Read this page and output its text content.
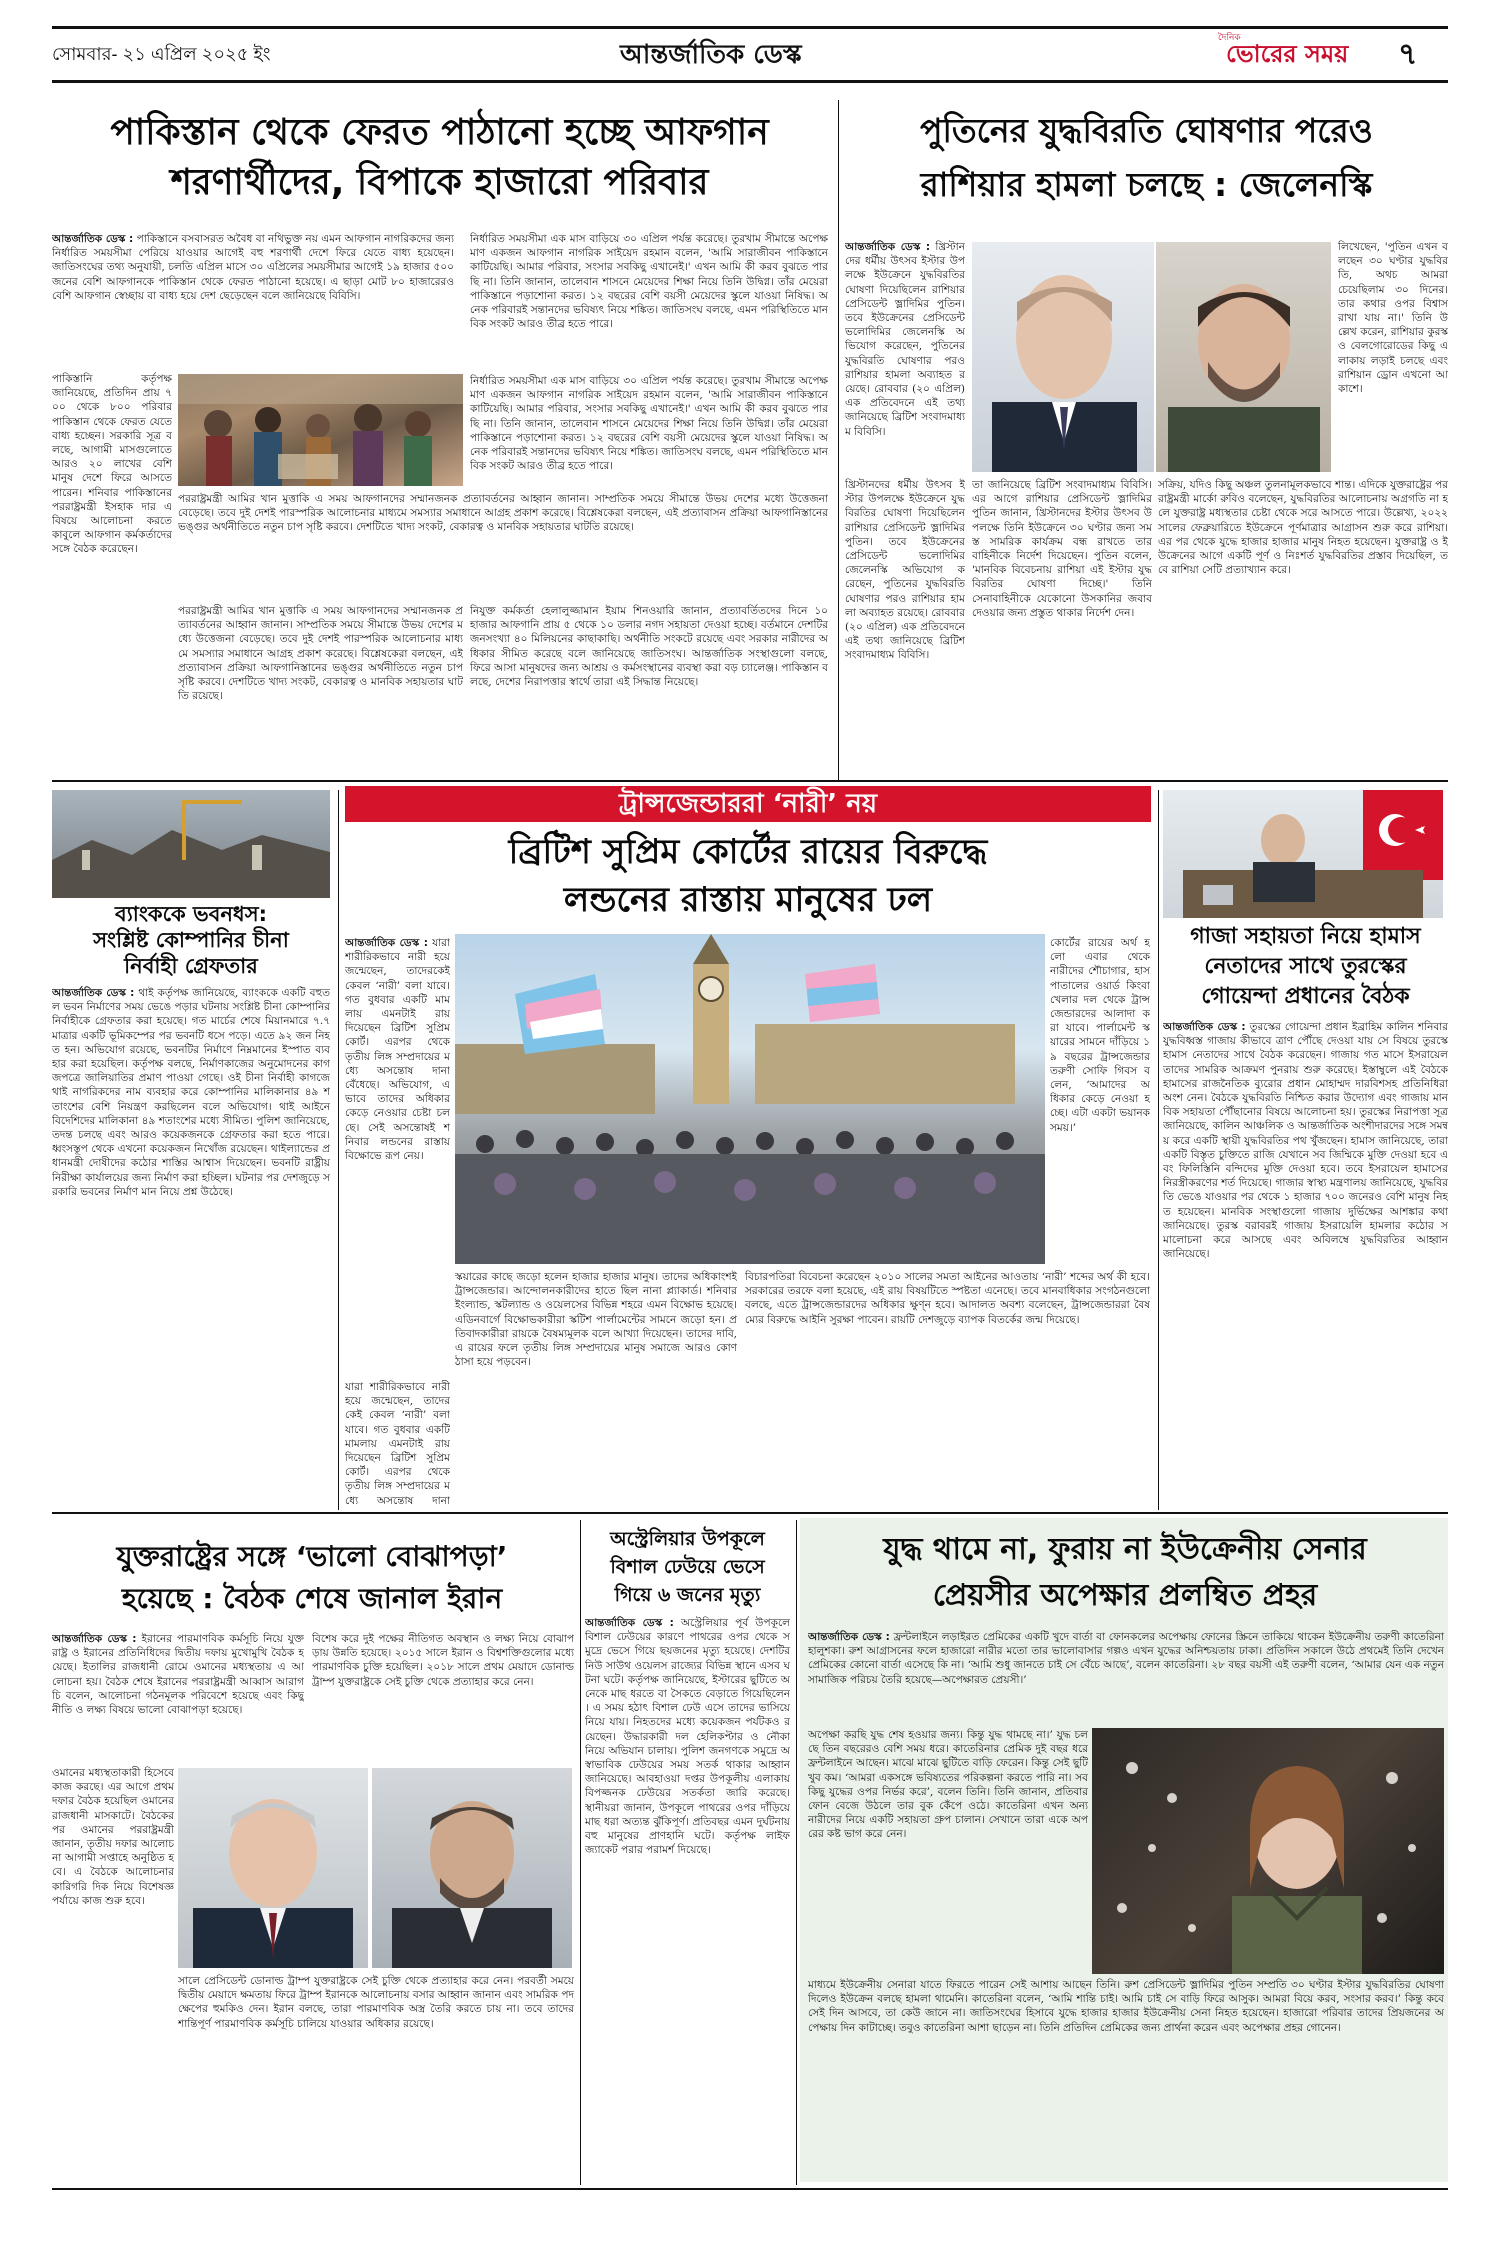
সোমবার- ২১ এপ্রিল ২০২৫ ইং	আন্তর্জাতিক ডেস্ক
দৈনিক
ভোরের সময় ৭
পাকিস্তান থেকে ফেরত পাঠানো হচ্ছে আফগান
শরণার্থীদের, বিপাকে হাজারো পরিবার
আন্তর্জাতিক ডেস্ক : পাকিস্তানে বসবাসরত অবৈধ বা নথিভুক্ত নয় এমন আফগান নাগরিকদের জন্য নির্ধারিত সময়সীমা পেরিয়ে যাওয়ার আগেই বহু শরণার্থী দেশে ফিরে যেতে বাধ্য হয়েছেন। জাতিসংঘের তথ্য অনুযায়ী, চলতি এপ্রিল মাসে ৩০ এপ্রিলের সময়সীমার আগেই ১৯ হাজার ৫০০ জনের বেশি আফগানকে পাকিস্তান থেকে ফেরত পাঠানো হয়েছে। এ ছাড়া মোট ৮০ হাজারেরও বেশি আফগান স্বেচ্ছায় বা বাধ্য হয়ে দেশ ছেড়েছেন বলে জানিয়েছে বিবিসি।
পাকিস্তানি কর্তৃপক্ষ জানিয়েছে, প্রতিদিন প্রায় ৭০০ থেকে ৮০০ পরিবার পাকিস্তান থেকে ফেরত যেতে বাধ্য হচ্ছেন। সরকারি সূত্র বলছে, আগামী মাসগুলোতে আরও ২০ লাখের বেশি মানুষ দেশে ফিরে আসতে পারেন। শনিবার পাকিস্তানের পররাষ্ট্রমন্ত্রী ইসহাক দার এ বিষয়ে আলোচনা করতে কাবুলে আফগান কর্মকর্তাদের সঙ্গে বৈঠক করেছেন।
নির্ধারিত সময়সীমা এক মাস বাড়িয়ে ৩০ এপ্রিল পর্যন্ত করেছে। তুরখাম সীমান্তে অপেক্ষমাণ একজন আফগান নাগরিক সাইয়েদ রহমান বলেন, 'আমি সারাজীবন পাকিস্তানে কাটিয়েছি। আমার পরিবার, সংসার সবকিছু এখানেই।' এখন আমি কী করব বুঝতে পারছি না। তিনি জানান, তালেবান শাসনে মেয়েদের শিক্ষা নিয়ে তিনি উদ্বিগ্ন। তাঁর মেয়েরা পাকিস্তানে পড়াশোনা করত। ১২ বছরের বেশি বয়সী মেয়েদের স্কুলে যাওয়া নিষিদ্ধ। অনেক পরিবারই সন্তানদের ভবিষ্যৎ নিয়ে শঙ্কিত। জাতিসংঘ বলছে, এমন পরিস্থিতিতে মানবিক সংকট আরও তীব্র হতে পারে।
নির্ধারিত সময়সীমা এক মাস বাড়িয়ে ৩০ এপ্রিল পর্যন্ত করেছে। তুরখাম সীমান্তে অপেক্ষমাণ একজন আফগান নাগরিক সাইয়েদ রহমান বলেন, 'আমি সারাজীবন পাকিস্তানে কাটিয়েছি। আমার পরিবার, সংসার সবকিছু এখানেই।' এখন আমি কী করব বুঝতে পারছি না। তিনি জানান, তালেবান শাসনে মেয়েদের শিক্ষা নিয়ে তিনি উদ্বিগ্ন। তাঁর মেয়েরা পাকিস্তানে পড়াশোনা করত। ১২ বছরের বেশি বয়সী মেয়েদের স্কুলে যাওয়া নিষিদ্ধ। অনেক পরিবারই সন্তানদের ভবিষ্যৎ নিয়ে শঙ্কিত। জাতিসংঘ বলছে, এমন পরিস্থিতিতে মানবিক সংকট আরও তীব্র হতে পারে।
পররাষ্ট্রমন্ত্রী আমির খান মুত্তাকি এ সময় আফগানদের সম্মানজনক প্রত্যাবর্তনের আহ্বান জানান। সাম্প্রতিক সময়ে সীমান্তে উভয় দেশের মধ্যে উত্তেজনা বেড়েছে। তবে দুই দেশই পারস্পরিক আলোচনার মাধ্যমে সমস্যার সমাধানে আগ্রহ প্রকাশ করেছে। বিশ্লেষকেরা বলছেন, এই প্রত্যাবাসন প্রক্রিয়া আফগানিস্তানের ভঙ্গুর অর্থনীতিতে নতুন চাপ সৃষ্টি করবে। দেশটিতে খাদ্য সংকট, বেকারত্ব ও মানবিক সহায়তার ঘাটতি রয়েছে।
নিযুক্ত কর্মকর্তা হেলালুজ্জামান ইয়াম শিনওয়ারি জানান, প্রত্যাবর্তিতদের দিনে ১০ হাজার আফগানি প্রায় ৫ থেকে ১০ ডলার নগদ সহায়তা দেওয়া হচ্ছে। বর্তমানে দেশটির জনসংখ্যা ৪০ মিলিয়নের কাছাকাছি। অর্থনীতি সংকটে রয়েছে এবং সরকার নারীদের অধিকার সীমিত করেছে বলে জানিয়েছে জাতিসংঘ। আন্তর্জাতিক সংস্থাগুলো বলছে, ফিরে আসা মানুষদের জন্য আশ্রয় ও কর্মসংস্থানের ব্যবস্থা করা বড় চ্যালেঞ্জ। পাকিস্তান বলছে, দেশের নিরাপত্তার স্বার্থে তারা এই সিদ্ধান্ত নিয়েছে।
পররাষ্ট্রমন্ত্রী আমির খান মুত্তাকি এ সময় আফগানদের সম্মানজনক প্রত্যাবর্তনের আহ্বান জানান। সাম্প্রতিক সময়ে সীমান্তে উভয় দেশের মধ্যে উত্তেজনা বেড়েছে। তবে দুই দেশই পারস্পরিক আলোচনার মাধ্যমে সমস্যার সমাধানে আগ্রহ প্রকাশ করেছে। বিশ্লেষকেরা বলছেন, এই প্রত্যাবাসন প্রক্রিয়া আফগানিস্তানের ভঙ্গুর অর্থনীতিতে নতুন চাপ সৃষ্টি করবে। দেশটিতে খাদ্য সংকট, বেকারত্ব ও মানবিক সহায়তার ঘাটতি রয়েছে।
পুতিনের যুদ্ধবিরতি ঘোষণার পরেও
রাশিয়ার হামলা চলছে : জেলেনস্কি
আন্তর্জাতিক ডেস্ক : খ্রিস্টানদের ধর্মীয় উৎসব ইস্টার উপলক্ষে ইউক্রেনে যুদ্ধবিরতির ঘোষণা দিয়েছিলেন রাশিয়ার প্রেসিডেন্ট ভ্লাদিমির পুতিন। তবে ইউক্রেনের প্রেসিডেন্ট ভলোদিমির জেলেনস্কি অভিযোগ করেছেন, পুতিনের যুদ্ধবিরতি ঘোষণার পরও রাশিয়ার হামলা অব্যাহত রয়েছে। রোববার (২০ এপ্রিল) এক প্রতিবেদনে এই তথ্য জানিয়েছে ব্রিটিশ সংবাদমাধ্যম বিবিসি।
লিখেছেন, 'পুতিন এখন বলছেন ৩০ ঘণ্টার যুদ্ধবিরতি, অথচ আমরা চেয়েছিলাম ৩০ দিনের। তার কথার ওপর বিশ্বাস রাখা যায় না।' তিনি উল্লেখ করেন, রাশিয়ার কুরস্ক ও বেলগোরোডের কিছু এলাকায় লড়াই চলছে এবং রাশিয়ান ড্রোন এখনো আকাশে।
খ্রিস্টানদের ধর্মীয় উৎসব ইস্টার উপলক্ষে ইউক্রেনে যুদ্ধবিরতির ঘোষণা দিয়েছিলেন রাশিয়ার প্রেসিডেন্ট ভ্লাদিমির পুতিন। তবে ইউক্রেনের প্রেসিডেন্ট ভলোদিমির জেলেনস্কি অভিযোগ করেছেন, পুতিনের যুদ্ধবিরতি ঘোষণার পরও রাশিয়ার হামলা অব্যাহত রয়েছে। রোববার (২০ এপ্রিল) এক প্রতিবেদনে এই তথ্য জানিয়েছে ব্রিটিশ সংবাদমাধ্যম বিবিসি।
তা জানিয়েছে ব্রিটিশ সংবাদমাধ্যম বিবিসি। এর আগে রাশিয়ার প্রেসিডেন্ট ভ্লাদিমির পুতিন জানান, খ্রিস্টানদের ইস্টার উৎসব উপলক্ষে তিনি ইউক্রেনে ৩০ ঘণ্টার জন্য সমস্ত সামরিক কার্যক্রম বন্ধ রাখতে তার বাহিনীকে নির্দেশ দিয়েছেন। পুতিন বলেন, 'মানবিক বিবেচনায় রাশিয়া এই ইস্টার যুদ্ধবিরতির ঘোষণা দিচ্ছে।' তিনি সেনাবাহিনীকে যেকোনো উসকানির জবাব দেওয়ার জন্য প্রস্তুত থাকার নির্দেশ দেন।
সক্রিয়, যদিও কিছু অঞ্চল তুলনামূলকভাবে শান্ত। এদিকে যুক্তরাষ্ট্রের পররাষ্ট্রমন্ত্রী মার্কো রুবিও বলেছেন, যুদ্ধবিরতির আলোচনায় অগ্রগতি না হলে যুক্তরাষ্ট্র মধ্যস্থতার চেষ্টা থেকে সরে আসতে পারে। উল্লেখ্য, ২০২২ সালের ফেব্রুয়ারিতে ইউক্রেনে পূর্ণমাত্রার আগ্রাসন শুরু করে রাশিয়া। এর পর থেকে যুদ্ধে হাজার হাজার মানুষ নিহত হয়েছেন। যুক্তরাষ্ট্র ও ইউক্রেনের আগে একটি পূর্ণ ও নিঃশর্ত যুদ্ধবিরতির প্রস্তাব দিয়েছিল, তবে রাশিয়া সেটি প্রত্যাখ্যান করে।
ব্যাংককে ভবনধস:
সংশ্লিষ্ট কোম্পানির চীনা
নির্বাহী গ্রেফতার
আন্তর্জাতিক ডেস্ক : থাই কর্তৃপক্ষ জানিয়েছে, ব্যাংককে একটি বহুতল ভবন নির্মাণের সময় ভেঙে পড়ার ঘটনায় সংশ্লিষ্ট চীনা কোম্পানির নির্বাহীকে গ্রেফতার করা হয়েছে। গত মার্চের শেষে মিয়ানমারে ৭.৭ মাত্রার একটি ভূমিকম্পের পর ভবনটি ধসে পড়ে। এতে ৯২ জন নিহত হন। অভিযোগ রয়েছে, ভবনটির নির্মাণে নিম্নমানের ইস্পাত ব্যবহার করা হয়েছিল। কর্তৃপক্ষ বলছে, নির্মাণকাজের অনুমোদনের কাগজপত্রে জালিয়াতির প্রমাণ পাওয়া গেছে। ওই চীনা নির্বাহী কাগজে থাই নাগরিকদের নাম ব্যবহার করে কোম্পানির মালিকানার ৪৯ শতাংশের বেশি নিয়ন্ত্রণ করছিলেন বলে অভিযোগ। থাই আইনে বিদেশিদের মালিকানা ৪৯ শতাংশের মধ্যে সীমিত। পুলিশ জানিয়েছে, তদন্ত চলছে এবং আরও কয়েকজনকে গ্রেফতার করা হতে পারে। ধ্বংসস্তূপ থেকে এখনো কয়েকজন নিখোঁজ রয়েছেন। থাইল্যান্ডের প্রধানমন্ত্রী দোষীদের কঠোর শাস্তির আশ্বাস দিয়েছেন। ভবনটি রাষ্ট্রীয় নিরীক্ষা কার্যালয়ের জন্য নির্মাণ করা হচ্ছিল। ঘটনার পর দেশজুড়ে সরকারি ভবনের নির্মাণ মান নিয়ে প্রশ্ন উঠেছে।
ট্রান্সজেন্ডাররা ‘নারী’ নয়
ব্রিটিশ সুপ্রিম কোর্টের রায়ের বিরুদ্ধে
লন্ডনের রাস্তায় মানুষের ঢল
আন্তর্জাতিক ডেস্ক : যারা শারীরিকভাবে নারী হয়ে জন্মেছেন, তাদেরকেই কেবল ‘নারী’ বলা যাবে। গত বুধবার একটি মামলায় এমনটাই রায় দিয়েছেন ব্রিটিশ সুপ্রিম কোর্ট। এরপর থেকে তৃতীয় লিঙ্গ সম্প্রদায়ের মধ্যে অসন্তোষ দানা বেঁধেছে। অভিযোগ, এভাবে তাদের অধিকার কেড়ে নেওয়ার চেষ্টা চলছে। সেই অসন্তোষই শনিবার লন্ডনের রাস্তায় বিক্ষোভে রূপ নেয়।
কোর্টের রায়ের অর্থ হলো এবার থেকে নারীদের শৌচাগার, হাসপাতালের ওয়ার্ড কিংবা খেলার দল থেকে ট্রান্সজেন্ডারদের আলাদা করা যাবে। পার্লামেন্ট স্কয়ারের সামনে দাঁড়িয়ে ১৯ বছরের ট্রান্সজেন্ডার তরুণী সোফি গিবস বলেন, ‘আমাদের অধিকার কেড়ে নেওয়া হচ্ছে। এটা একটা ভয়ানক সময়।’
স্কয়ারের কাছে জড়ো হলেন হাজার হাজার মানুষ। তাদের অধিকাংশই ট্রান্সজেন্ডার। আন্দোলনকারীদের হাতে ছিল নানা প্ল্যাকার্ড। শনিবার ইংল্যান্ড, স্কটল্যান্ড ও ওয়েলসের বিভিন্ন শহরে এমন বিক্ষোভ হয়েছে। এডিনবার্গে বিক্ষোভকারীরা স্কটিশ পার্লামেন্টের সামনে জড়ো হন। প্রতিবাদকারীরা রায়কে বৈষম্যমূলক বলে আখ্যা দিয়েছেন। তাদের দাবি, এ রায়ের ফলে তৃতীয় লিঙ্গ সম্প্রদায়ের মানুষ সমাজে আরও কোণঠাসা হয়ে পড়বেন।
বিচারপতিরা বিবেচনা করেছেন ২০১০ সালের সমতা আইনের আওতায় ‘নারী’ শব্দের অর্থ কী হবে। সরকারের তরফে বলা হয়েছে, এই রায় বিষয়টিতে স্পষ্টতা এনেছে। তবে মানবাধিকার সংগঠনগুলো বলছে, এতে ট্রান্সজেন্ডারদের অধিকার ক্ষুণ্ন হবে। আদালত অবশ্য বলেছেন, ট্রান্সজেন্ডাররা বৈষম্যের বিরুদ্ধে আইনি সুরক্ষা পাবেন। রায়টি দেশজুড়ে ব্যাপক বিতর্কের জন্ম দিয়েছে।
যারা শারীরিকভাবে নারী হয়ে জন্মেছেন, তাদেরকেই কেবল ‘নারী’ বলা যাবে। গত বুধবার একটি মামলায় এমনটাই রায় দিয়েছেন ব্রিটিশ সুপ্রিম কোর্ট। এরপর থেকে তৃতীয় লিঙ্গ সম্প্রদায়ের মধ্যে অসন্তোষ দানা
গাজা সহায়তা নিয়ে হামাস
নেতাদের সাথে তুরস্কের
গোয়েন্দা প্রধানের বৈঠক
আন্তর্জাতিক ডেস্ক : তুরস্কের গোয়েন্দা প্রধান ইব্রাহিম কালিন শনিবার যুদ্ধবিধ্বস্ত গাজায় কীভাবে ত্রাণ পৌঁছে দেওয়া যায় সে বিষয়ে তুরস্কে হামাস নেতাদের সাথে বৈঠক করেছেন। গাজায় গত মাসে ইসরায়েল তাদের সামরিক আক্রমণ পুনরায় শুরু করেছে। ইস্তাম্বুলে এই বৈঠকে হামাসের রাজনৈতিক ব্যুরোর প্রধান মোহাম্মদ দারবিশসহ প্রতিনিধিরা অংশ নেন। বৈঠকে যুদ্ধবিরতি নিশ্চিত করার উদ্যোগ এবং গাজায় মানবিক সহায়তা পৌঁছানোর বিষয়ে আলোচনা হয়। তুরস্কের নিরাপত্তা সূত্র জানিয়েছে, কালিন আঞ্চলিক ও আন্তর্জাতিক অংশীদারদের সঙ্গে সমন্বয় করে একটি স্থায়ী যুদ্ধবিরতির পথ খুঁজছেন। হামাস জানিয়েছে, তারা একটি বিস্তৃত চুক্তিতে রাজি যেখানে সব জিম্মিকে মুক্তি দেওয়া হবে এবং ফিলিস্তিনি বন্দিদের মুক্তি দেওয়া হবে। তবে ইসরায়েল হামাসের নিরস্ত্রীকরণের শর্ত দিয়েছে। গাজার স্বাস্থ্য মন্ত্রণালয় জানিয়েছে, যুদ্ধবিরতি ভেঙে যাওয়ার পর থেকে ১ হাজার ৭০০ জনেরও বেশি মানুষ নিহত হয়েছেন। মানবিক সংস্থাগুলো গাজায় দুর্ভিক্ষের আশঙ্কার কথা জানিয়েছে। তুরস্ক বরাবরই গাজায় ইসরায়েলি হামলার কঠোর সমালোচনা করে আসছে এবং অবিলম্বে যুদ্ধবিরতির আহ্বান জানিয়েছে।
যুক্তরাষ্ট্রের সঙ্গে ‘ভালো বোঝাপড়া’
হয়েছে : বৈঠক শেষে জানাল ইরান
আন্তর্জাতিক ডেস্ক : ইরানের পারমাণবিক কর্মসূচি নিয়ে যুক্তরাষ্ট্র ও ইরানের প্রতিনিধিদের দ্বিতীয় দফায় মুখোমুখি বৈঠক হয়েছে। ইতালির রাজধানী রোমে ওমানের মধ্যস্থতায় এ আলোচনা হয়। বৈঠক শেষে ইরানের পররাষ্ট্রমন্ত্রী আব্বাস আরাগচি বলেন, আলোচনা গঠনমূলক পরিবেশে হয়েছে এবং কিছু নীতি ও লক্ষ্য বিষয়ে ভালো বোঝাপড়া হয়েছে।
বিশেষ করে দুই পক্ষের নীতিগত অবস্থান ও লক্ষ্য নিয়ে বোঝাপড়ায় উন্নতি হয়েছে। ২০১৫ সালে ইরান ও বিশ্বশক্তিগুলোর মধ্যে পারমাণবিক চুক্তি হয়েছিল। ২০১৮ সালে প্রথম মেয়াদে ডোনাল্ড ট্রাম্প যুক্তরাষ্ট্রকে সেই চুক্তি থেকে প্রত্যাহার করে নেন।
ওমানের মধ্যস্থতাকারী হিসেবে কাজ করছে। এর আগে প্রথম দফার বৈঠক হয়েছিল ওমানের রাজধানী মাসকাটে। বৈঠকের পর ওমানের পররাষ্ট্রমন্ত্রী জানান, তৃতীয় দফার আলোচনা আগামী সপ্তাহে অনুষ্ঠিত হবে। এ বৈঠকে আলোচনার কারিগরি দিক নিয়ে বিশেষজ্ঞ পর্যায়ে কাজ শুরু হবে।
সালে প্রেসিডেন্ট ডোনাল্ড ট্রাম্প যুক্তরাষ্ট্রকে সেই চুক্তি থেকে প্রত্যাহার করে নেন। পরবর্তী সময়ে দ্বিতীয় মেয়াদে ক্ষমতায় ফিরে ট্রাম্প ইরানকে আলোচনায় বসার আহ্বান জানান এবং সামরিক পদক্ষেপের হুমকিও দেন। ইরান বলছে, তারা পারমাণবিক অস্ত্র তৈরি করতে চায় না। তবে তাদের শান্তিপূর্ণ পারমাণবিক কর্মসূচি চালিয়ে যাওয়ার অধিকার রয়েছে।
অস্ট্রেলিয়ার উপকূলে
বিশাল ঢেউয়ে ভেসে
গিয়ে ৬ জনের মৃত্যু
আন্তর্জাতিক ডেস্ক : অস্ট্রেলিয়ার পূর্ব উপকূলে বিশাল ঢেউয়ের কারণে পাথরের ওপর থেকে সমুদ্রে ভেসে গিয়ে ছয়জনের মৃত্যু হয়েছে। দেশটির নিউ সাউথ ওয়েলস রাজ্যের বিভিন্ন স্থানে এসব ঘটনা ঘটে। কর্তৃপক্ষ জানিয়েছে, ইস্টারের ছুটিতে অনেকে মাছ ধরতে বা সৈকতে বেড়াতে গিয়েছিলেন। এ সময় হঠাৎ বিশাল ঢেউ এসে তাদের ভাসিয়ে নিয়ে যায়। নিহতদের মধ্যে কয়েকজন পর্যটকও রয়েছেন। উদ্ধারকারী দল হেলিকপ্টার ও নৌকা নিয়ে অভিযান চালায়। পুলিশ জনগণকে সমুদ্রে অস্বাভাবিক ঢেউয়ের সময় সতর্ক থাকার আহ্বান জানিয়েছে। আবহাওয়া দপ্তর উপকূলীয় এলাকায় বিপজ্জনক ঢেউয়ের সতর্কতা জারি করেছে। স্থানীয়রা জানান, উপকূলে পাথরের ওপর দাঁড়িয়ে মাছ ধরা অত্যন্ত ঝুঁকিপূর্ণ। প্রতিবছর এমন দুর্ঘটনায় বহু মানুষের প্রাণহানি ঘটে। কর্তৃপক্ষ লাইফ জ্যাকেট পরার পরামর্শ দিয়েছে।
যুদ্ধ থামে না, ফুরায় না ইউক্রেনীয় সেনার
প্রেয়সীর অপেক্ষার প্রলম্বিত প্রহর
আন্তর্জাতিক ডেস্ক : ফ্রন্টলাইনে লড়াইরত প্রেমিকের একটি খুদে বার্তা বা ফোনকলের অপেক্ষায় ফোনের স্ক্রিনে তাকিয়ে থাকেন ইউক্রেনীয় তরুণী কাতেরিনা হালুশকা। রুশ আগ্রাসনের ফলে হাজারো নারীর মতো তার ভালোবাসার গল্পও এখন যুদ্ধের অনিশ্চয়তায় ঢাকা। প্রতিদিন সকালে উঠে প্রথমেই তিনি দেখেন প্রেমিকের কোনো বার্তা এসেছে কি না। ‘আমি শুধু জানতে চাই সে বেঁচে আছে’, বলেন কাতেরিনা। ২৮ বছর বয়সী এই তরুণী বলেন, ‘আমার যেন এক নতুন সামাজিক পরিচয় তৈরি হয়েছে—অপেক্ষারত প্রেয়সী।’
অপেক্ষা করছি যুদ্ধ শেষ হওয়ার জন্য। কিন্তু যুদ্ধ থামছে না।’ যুদ্ধ চলছে তিন বছরেরও বেশি সময় ধরে। কাতেরিনার প্রেমিক দুই বছর ধরে ফ্রন্টলাইনে আছেন। মাঝে মাঝে ছুটিতে বাড়ি ফেরেন। কিন্তু সেই ছুটি খুব কম। ‘আমরা একসঙ্গে ভবিষ্যতের পরিকল্পনা করতে পারি না। সব কিছু যুদ্ধের ওপর নির্ভর করে’, বলেন তিনি। তিনি জানান, প্রতিবার ফোন বেজে উঠলে তার বুক কেঁপে ওঠে। কাতেরিনা এখন অন্য নারীদের নিয়ে একটি সহায়তা গ্রুপ চালান। সেখানে তারা একে অপরের কষ্ট ভাগ করে নেন।
মাধ্যমে ইউক্রেনীয় সেনারা যাতে ফিরতে পারেন সেই আশায় আছেন তিনি। রুশ প্রেসিডেন্ট ভ্লাদিমির পুতিন সম্প্রতি ৩০ ঘণ্টার ইস্টার যুদ্ধবিরতির ঘোষণা দিলেও ইউক্রেন বলছে হামলা থামেনি। কাতেরিনা বলেন, ‘আমি শান্তি চাই। আমি চাই সে বাড়ি ফিরে আসুক। আমরা বিয়ে করব, সংসার করব।’ কিন্তু কবে সেই দিন আসবে, তা কেউ জানে না। জাতিসংঘের হিসাবে যুদ্ধে হাজার হাজার ইউক্রেনীয় সেনা নিহত হয়েছেন। হাজারো পরিবার তাদের প্রিয়জনের অপেক্ষায় দিন কাটাচ্ছে। তবুও কাতেরিনা আশা ছাড়েন না। তিনি প্রতিদিন প্রেমিকের জন্য প্রার্থনা করেন এবং অপেক্ষার প্রহর গোনেন।
